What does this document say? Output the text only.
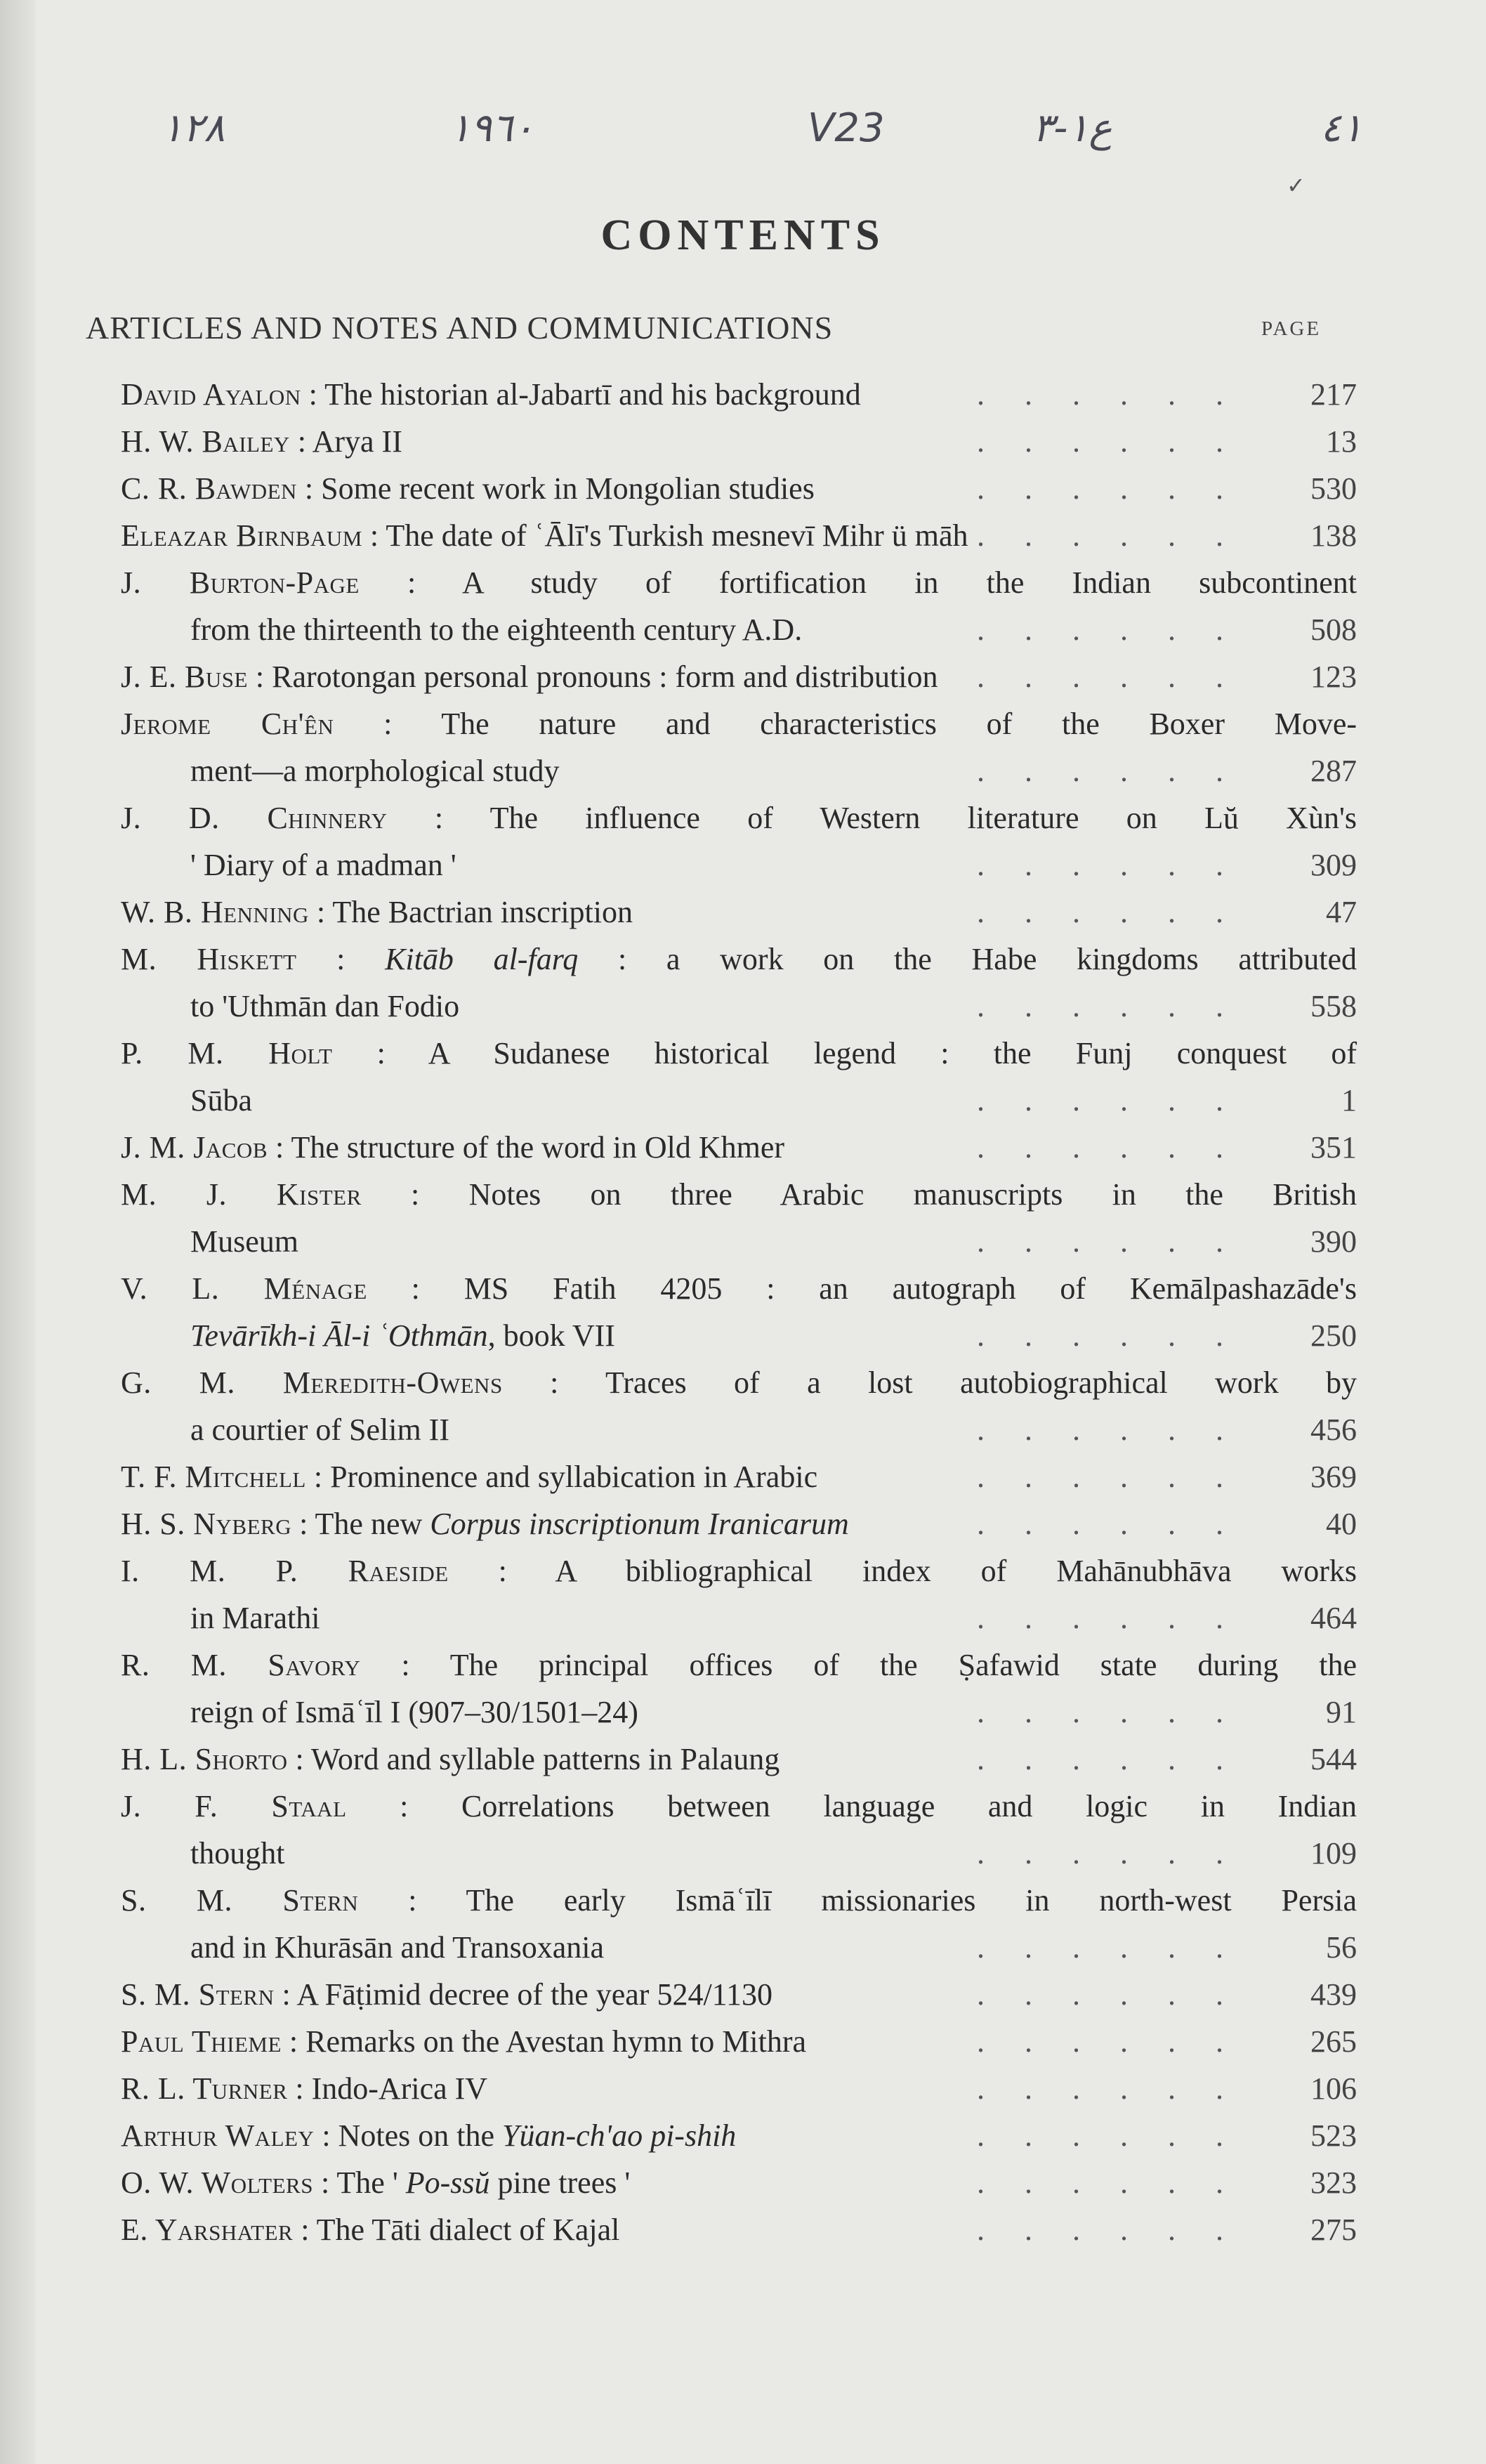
١٢٨	١٩٦٠	V23	ع١-٣	٤١
✓
CONTENTS
ARTICLES AND NOTES AND COMMUNICATIONS	PAGE
David Ayalon : The historian al-Jabartī and his background	. . . . . .	217
H. W. Bailey : Arya II	. . . . . .	13
C. R. Bawden : Some recent work in Mongolian studies	. . . . . .	530
Eleazar Birnbaum : The date of ʿĀlī's Turkish mesnevī Mihr ü māh . . . . . .	138
J. Burton-Page : A study of fortification in the Indian subcontinent
from the thirteenth to the eighteenth century A.D.	. . . . . .	508
J. E. Buse : Rarotongan personal pronouns : form and distribution . . . . . .	123
Jerome Ch'ên : The nature and characteristics of the Boxer Move-
ment—a morphological study	. . . . . .	287
J. D. Chinnery : The influence of Western literature on Lŭ Xùn's
' Diary of a madman '	. . . . . .	309
W. B. Henning : The Bactrian inscription	. . . . . .	47
M. Hiskett : Kitāb al-farq : a work on the Habe kingdoms attributed
to 'Uthmān dan Fodio	. . . . . .	558
P. M. Holt : A Sudanese historical legend : the Funj conquest of
Sūba	. . . . . .	1
J. M. Jacob : The structure of the word in Old Khmer	. . . . . .	351
M. J. Kister : Notes on three Arabic manuscripts in the British
Museum	. . . . . .	390
V. L. Ménage : MS Fatih 4205 : an autograph of Kemālpashazāde's
Tevārīkh-i Āl-i ʿOthmān, book VII	. . . . . .	250
G. M. Meredith-Owens : Traces of a lost autobiographical work by
a courtier of Selim II	. . . . . .	456
T. F. Mitchell : Prominence and syllabication in Arabic	. . . . . .	369
H. S. Nyberg : The new Corpus inscriptionum Iranicarum	. . . . . .	40
I. M. P. Raeside : A bibliographical index of Mahānubhāva works
in Marathi	. . . . . .	464
R. M. Savory : The principal offices of the Ṣafawid state during the
reign of Ismāʿīl I (907–30/1501–24)	. . . . . .	91
H. L. Shorto : Word and syllable patterns in Palaung	. . . . . .	544
J. F. Staal : Correlations between language and logic in Indian
thought	. . . . . .	109
S. M. Stern : The early Ismāʿīlī missionaries in north-west Persia
and in Khurāsān and Transoxania	. . . . . .	56
S. M. Stern : A Fāṭimid decree of the year 524/1130	. . . . . .	439
Paul Thieme : Remarks on the Avestan hymn to Mithra	. . . . . .	265
R. L. Turner : Indo-Arica IV	. . . . . .	106
Arthur Waley : Notes on the Yüan-ch'ao pi-shih	. . . . . .	523
O. W. Wolters : The ' Po-ssŭ pine trees '	. . . . . .	323
E. Yarshater : The Tāti dialect of Kajal	. . . . . .	275
